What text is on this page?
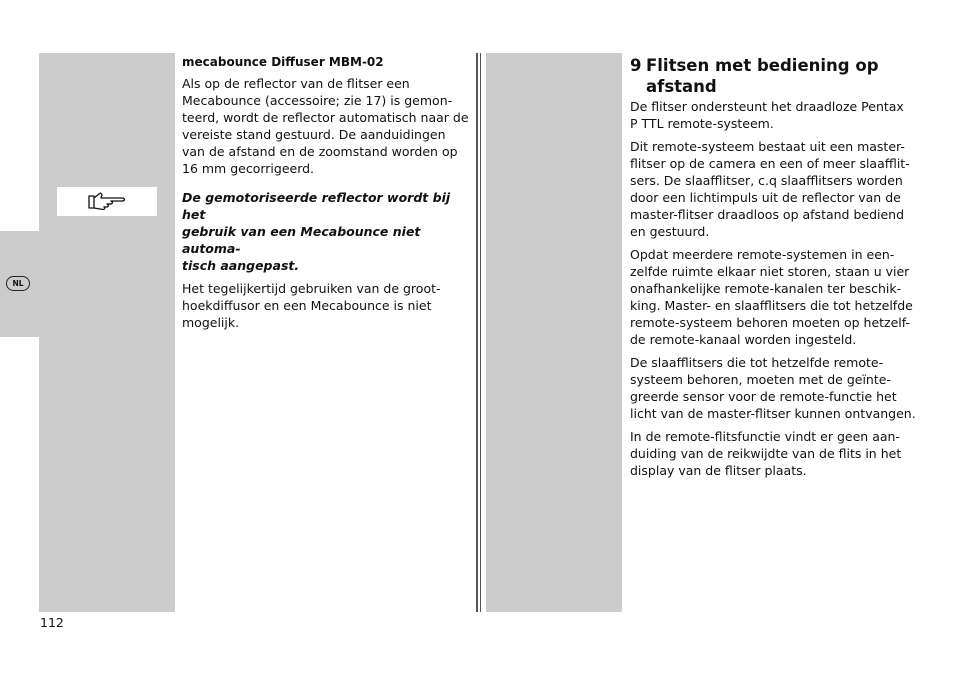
NL
mecabounce Diffuser MBM-02

Als op de reflector van de flitser een
Mecabounce (accessoire; zie 17) is gemon-
teerd, wordt de reflector automatisch naar de
vereiste stand gestuurd. De aanduidingen
van de afstand en de zoomstand worden op
16 mm gecorrigeerd.

De gemotoriseerde reflector wordt bij het
gebruik van een Mecabounce niet automa-
tisch aangepast.

Het tegelijkertijd gebruiken van de groot-
hoekdiffusor en een Mecabounce is niet
mogelijk.

9 Flitsen met bediening op afstand

De flitser ondersteunt het draadloze Pentax
P TTL remote-systeem.

Dit remote-systeem bestaat uit een master-
flitser op de camera en een of meer slaafflit-
sers. De slaafflitser, c.q slaafflitsers worden
door een lichtimpuls uit de reflector van de
master-flitser draadloos op afstand bediend
en gestuurd.

Opdat meerdere remote-systemen in een-
zelfde ruimte elkaar niet storen, staan u vier
onafhankelijke remote-kanalen ter beschik-
king. Master- en slaafflitsers die tot hetzelfde
remote-systeem behoren moeten op hetzelf-
de remote-kanaal worden ingesteld.

De slaafflitsers die tot hetzelfde remote-
systeem behoren, moeten met de geïnte-
greerde sensor voor de remote-functie het
licht van de master-flitser kunnen ontvangen.

In de remote-flitsfunctie vindt er geen aan-
duiding van de reikwijdte van de flits in het
display van de flitser plaats.

112
